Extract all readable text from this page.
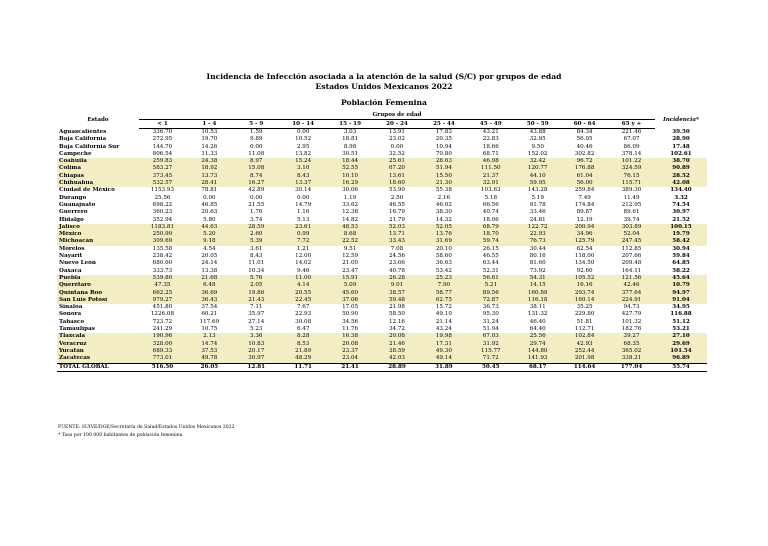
Incidencia de Infección asociada a la atención de la salud (S/C) por grupos de edad
Estados Unidos Mexicanos 2022
Población Femenina
Estado	Grupos de edad											Incidencia*
	< 1	1 - 4	5 - 9	10 - 14	15 - 19	20 - 24	25 - 44	45 - 49	50 - 59	60 - 64	65 y +	
Aguascalientes	336.70	10.53	1.59	0.00	3.03	13.91	17.83	43.21	43.88	84.34	221.46	39.50
Baja California	272.95	19.70	9.89	10.52	18.81	23.02	20.35	22.83	32.95	56.05	67.07	28.90
Baja California Sur	144.70	14.26	0.00	2.95	8.98	0.00	10.94	18.66	9.50	40.46	86.09	17.48
Campeche	806.54	11.33	11.08	13.82	30.51	32.52	70.80	68.71	152.02	302.82	378.14	102.61
Coahuila	259.83	24.38	8.97	15.24	18.44	25.61	28.63	46.98	32.42	96.72	101.22	38.70
Colima	583.27	18.92	15.08	3.10	52.55	67.20	51.94	111.50	120.77	176.88	324.59	90.89
Chiapas	373.45	13.73	8.74	8.43	10.10	13.61	15.50	21.37	44.10	61.04	76.15	28.52
Chihuahua	532.57	28.41	16.27	13.37	16.29	18.60	21.30	32.91	59.95	56.00	115.71	42.08
Ciudad de México	1153.93	78.81	42.89	30.14	30.06	53.90	55.38	103.63	143.28	259.84	389.30	134.40
Durango	25.56	0.00	0.00	0.00	1.19	2.50	2.16	5.18	5.19	7.49	11.49	3.32
Guanajuato	698.22	46.85	21.55	14.79	33.62	46.55	46.02	66.56	91.78	174.84	212.95	74.54
Guerrero	360.23	20.63	1.76	1.16	12.38	16.79	38.30	40.74	33.46	89.87	89.61	30.97
Hidalgo	352.94	5.80	3.74	5.13	14.82	21.79	14.32	18.06	24.81	12.19	39.74	21.52
Jalisco	1183.81	44.63	28.59	23.61	48.53	52.03	52.05	68.79	122.72	200.94	303.89	100.15
México	250.99	5.20	2.60	0.99	8.68	13.71	13.76	18.70	22.93	34.96	52.04	19.79
Michoacán	309.69	9.18	5.39	7.72	22.52	33.43	31.69	59.74	76.73	125.79	247.45	58.42
Morelos	135.58	4.54	3.61	1.21	9.51	7.08	20.10	26.15	30.44	62.54	112.85	30.94
Nayarit	238.42	20.05	8.43	12.00	12.59	24.56	58.60	46.55	80.16	118.00	207.66	59.84
Nuevo León	680.60	24.14	11.01	14.02	21.00	23.66	36.63	63.44	81.60	134.50	209.48	64.85
Oaxaca	333.73	13.38	10.34	9.46	23.47	40.78	53.42	52.31	73.92	92.60	164.11	58.22
Puebla	539.80	21.68	5.76	11.00	15.91	26.28	25.23	56.61	54.31	105.52	121.56	45.64
Querétaro	47.35	6.48	2.05	4.14	5.09	9.01	7.90	5.21	14.15	16.16	42.46	10.79
Quintana Roo	662.25	36.69	19.86	20.55	45.60	38.57	58.77	89.56	160.89	293.74	377.64	94.97
San Luis Potosí	979.27	36.43	21.43	22.45	37.06	59.48	62.75	72.87	116.18	160.14	224.91	91.04
Sinaloa	451.80	37.54	7.11	7.67	17.05	21.98	15.72	36.73	38.11	35.25	94.73	34.95
Sonora	1226.08	60.21	35.97	22.93	50.90	58.50	49.10	95.30	131.32	229.80	427.79	116.88
Tabasco	723.72	117.69	27.14	30.08	34.56	12.16	21.14	31.24	46.40	51.81	101.32	51.12
Tamaulipas	241.29	10.75	5.23	6.47	11.76	34.72	43.24	51.94	64.40	112.71	182.76	53.21
Tlaxcala	190.96	2.13	3.36	8.28	16.38	20.08	19.98	67.03	25.56	102.84	39.27	27.10
Veracruz	328.00	14.74	10.83	8.53	20.08	21.46	17.31	31.92	29.74	42.93	68.35	29.69
Yucatán	689.33	37.53	20.17	21.89	23.37	38.59	49.30	115.77	144.80	252.44	365.02	101.54
Zacatecas	773.01	49.78	30.97	48.29	23.04	42.03	49.14	71.72	141.93	201.98	338.21	96.89
TOTAL GLOBAL	516.50	26.05	12.81	11.71	21.41	28.89	31.89	50.45	68.17	114.64	177.04	55.74
FUENTE: SUIVE/DGE/Secretaría de Salud/Estados Unidos Mexicanos 2022
* Tasa por 100 000 habitantes de población femenina
